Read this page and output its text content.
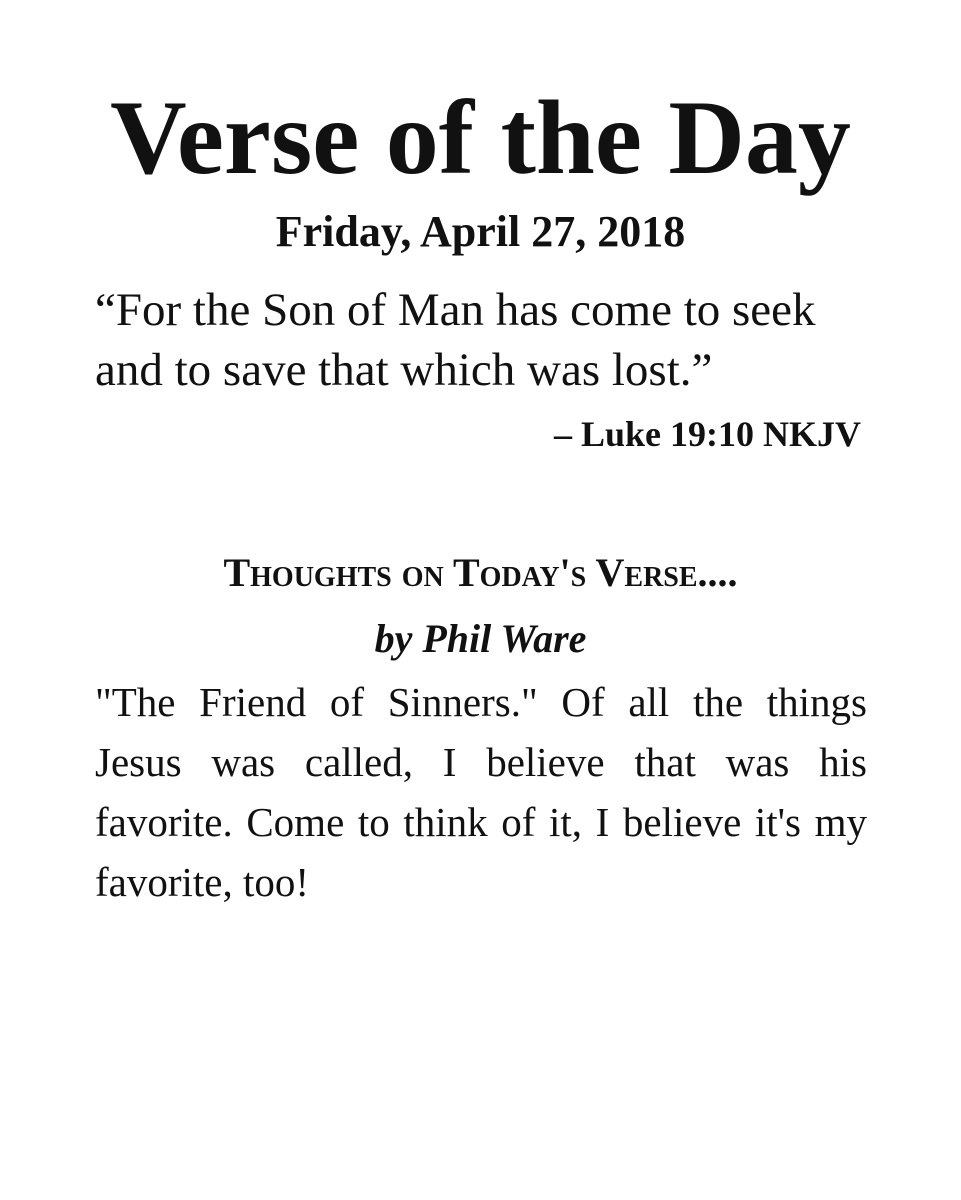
Verse of the Day
Friday, April 27, 2018
“For the Son of Man has come to seek and to save that which was lost.”
– Luke 19:10 NKJV
Thoughts on Today's Verse....
by Phil Ware
"The Friend of Sinners." Of all the things Jesus was called, I believe that was his favorite. Come to think of it, I believe it's my favorite, too!
